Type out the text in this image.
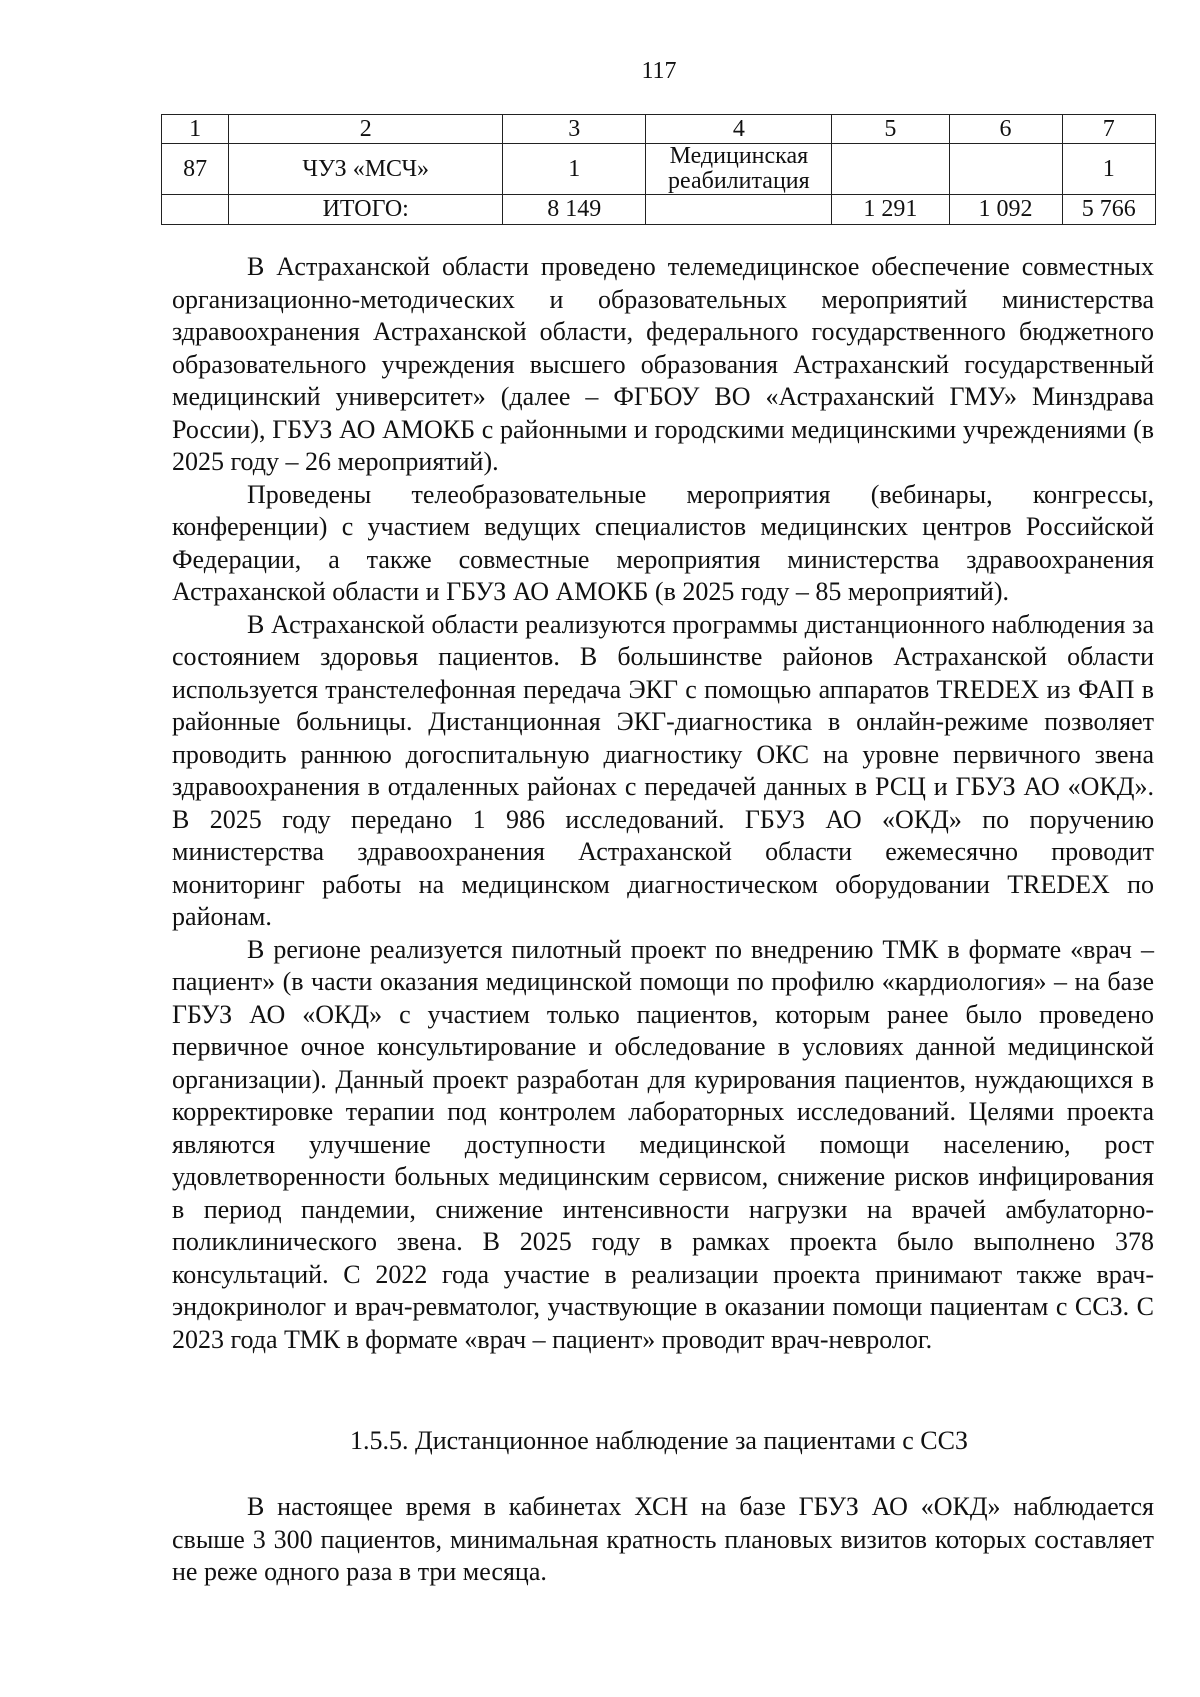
117
1	2	3	4	5	6	7
87	ЧУЗ «МСЧ»	1	Медицинская реабилитация			1
	ИТОГО:	8 149		1 291	1 092	5 766

В Астраханской области проведено телемедицинское обеспечение совместных организационно-методических и образовательных мероприятий министерства здравоохранения Астраханской области, федерального государственного бюджетного образовательного учреждения высшего образования Астраханский государственный медицинский университет» (далее – ФГБОУ ВО «Астраханский ГМУ» Минздрава России), ГБУЗ АО АМОКБ с районными и городскими медицинскими учреждениями (в 2025 году – 26 мероприятий).

Проведены телеобразовательные мероприятия (вебинары, конгрессы, конференции) с участием ведущих специалистов медицинских центров Российской Федерации, а также совместные мероприятия министерства здравоохранения Астраханской области и ГБУЗ АО АМОКБ (в 2025 году – 85 мероприятий).

В Астраханской области реализуются программы дистанционного наблюдения за состоянием здоровья пациентов. В большинстве районов Астраханской области используется транстелефонная передача ЭКГ с помощью аппаратов TREDEX из ФАП в районные больницы. Дистанционная ЭКГ-диагностика в онлайн-режиме позволяет проводить раннюю догоспитальную диагностику ОКС на уровне первичного звена здравоохранения в отдаленных районах с передачей данных в РСЦ и ГБУЗ АО «ОКД». В 2025 году передано 1 986 исследований. ГБУЗ АО «ОКД» по поручению министерства здравоохранения Астраханской области ежемесячно проводит мониторинг работы на медицинском диагностическом оборудовании TREDEX по районам.

В регионе реализуется пилотный проект по внедрению ТМК в формате «врач – пациент» (в части оказания медицинской помощи по профилю «кардиология» – на базе ГБУЗ АО «ОКД» с участием только пациентов, которым ранее было проведено первичное очное консультирование и обследование в условиях данной медицинской организации). Данный проект разработан для курирования пациентов, нуждающихся в корректировке терапии под контролем лабораторных исследований. Целями проекта являются улучшение доступности медицинской помощи населению, рост удовлетворенности больных медицинским сервисом, снижение рисков инфицирования в период пандемии, снижение интенсивности нагрузки на врачей амбулаторно-поликлинического звена. В 2025 году в рамках проекта было выполнено 378 консультаций. С 2022 года участие в реализации проекта принимают также врач-эндокринолог и врач-ревматолог, участвующие в оказании помощи пациентам с ССЗ. С 2023 года ТМК в формате «врач – пациент» проводит врач-невролог.

1.5.5. Дистанционное наблюдение за пациентами с ССЗ

В настоящее время в кабинетах ХСН на базе ГБУЗ АО «ОКД» наблюдается свыше 3 300 пациентов, минимальная кратность плановых визитов которых составляет не реже одного раза в три месяца.
